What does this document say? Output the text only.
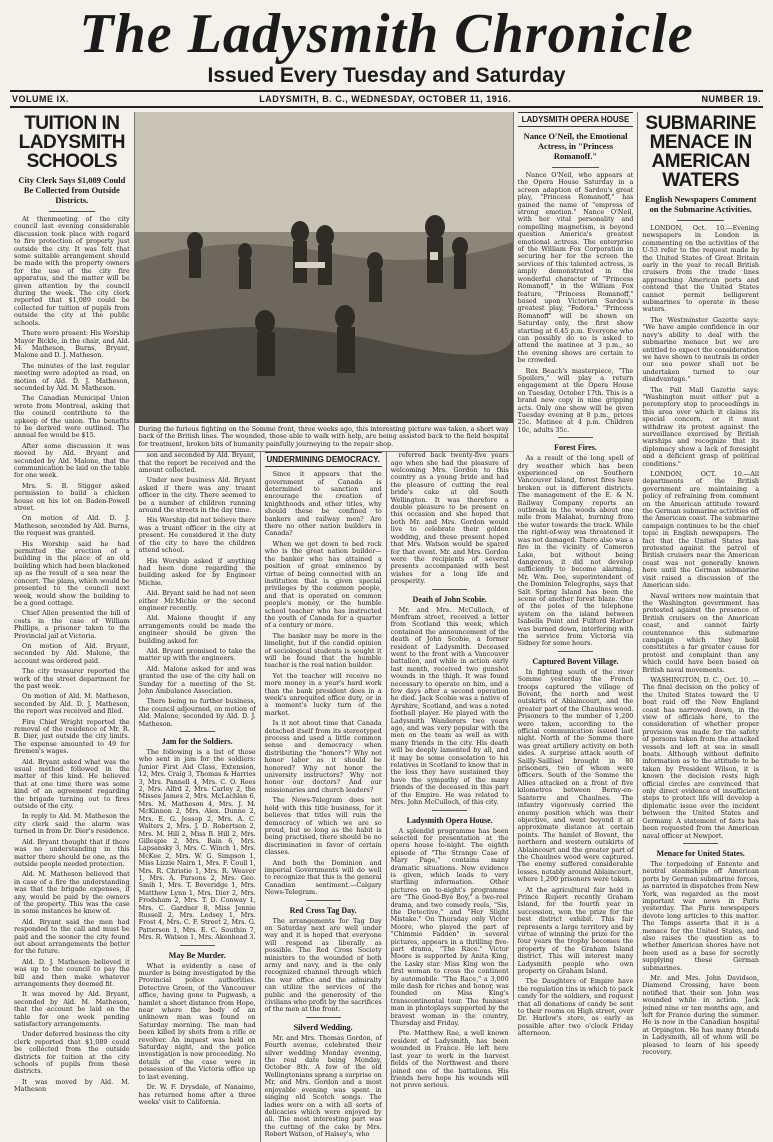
The Ladysmith Chronicle
Issued Every Tuesday and Saturday
VOLUME IX.	LADYSMITH, B. C., WEDNESDAY, OCTOBER 11, 1916.	NUMBER 19.
TUITION IN LADYSMITH SCHOOLS
City Clerk Says $1,089 Could Be Collected from Outside Districts.

At thenmeeting of the city council last evening considerable discussion took place with regard to fire protection of property just outside the city. It was felt that some suitable arrangement should be made with the property owners for the use of the city fire apparatus, and the matter will be given attention by the council during the week. The city clerk reported that $1,089 could be collected for tuition of pupils from outside the city at the public schools.

There were present: His Worship Mayor Bickle, in the chair, and Ald. M. Matheson, Burns, Bryant, Malone and D. J. Matheson.

The minutes of the last regular meeting were adopted as read, on motion of Ald. D. J. Matheson, seconded by Ald. M. Matheson.

The Canadian Municipal Union wrote from Montreal, asking that the council contribute to the upkeep of the union. The benefits to be derived were outlined. The annual fee would be $15.

After some discussion it was moved by Ald. Bryant and seconded by Ald. Malone, that the communication be laid on the table for one week.

Mrs. S. B. Stigger asked permission to build a chicken house on his lot on Baden-Powell street.

On motion of Ald. D. J. Matheson, seconded by Ald. Burns, the request was granted.

His Worship said he had permitted the erection of a building in the place of an old building which had been blackened up as the result of a sea near the concert. The plans, which would be presented to the council next week, would show the building to be a good cottage.

Chief Allen presented the bill of costs in the case of William Phillips, a prisoner taken to the Provincial jail at Victoria.

On motion of Ald. Bryant, seconded by Ald. Malone, the account was ordered paid.

The city treasurer reported the work of the street department for the past week.

On motion of Ald. M. Matheson, seconded by Ald. D. J. Matheson, the report was received and filed.

Fire Chief Wright reported the removal of the residence of Mr. R. B. Dier, just outside the city limits. The expense amounted to 49 for firemen's wages.

Ald. Bryant asked what was the usual method followed in the matter of this kind. He believed that at one time there was some kind of an agreement regarding the brigade turning out to fires outside of the city.

In reply to Ald. M. Matheson the city clerk said the alarm was turned in from Dr. Dier's residence.

Ald. Bryant thought that if there was no understanding in this matter there should be one, as the outside people needed protection.

Ald. M. Matheson believed that in case of a fire the understanding was that the brigade expenses, if any, would be paid by the owners of the property. This was the case in some instances he knew of.

Ald. Bryant said the men had responded to the call and must be paid and the sooner the city found out about arrangements the better for the future.

Ald. D. J. Matheson believed it was up to the council to pay the bill and then make whatever arrangements they deemed fit.

It was moved by Ald. Bryant, seconded by Ald. M. Matheson, that the account be laid on the table for one week pending satisfactory arrangements.

Under deferred business the city clerk reported that $1,089 could be collected from the outside districts for tuition at the city schools of pupils from these districts.

It was moved by Ald. M. Matheson

During the furious fighting on the Somme front, three weeks ago, this interesting picture was taken, a short way back of the British lines. The wounded, those able to walk with help, are being assisted back to the field hospital for treatment, broken bits of humanity painfully journeying to the repair shop.

son and seconded by Ald. Bryant, that the report be received and the amount collected.

Under new business Ald. Bryant asked if there was any truant officer in the city. There seemed to be a number of children running around the streets in the day time.

His Worship did not believe there was a truant officer in the city at present. He considered it the duty of the city to have the children attend school.

His Worship asked if anything had been done regarding the building asked for by Engineer Michie.

Ald. Bryant said he had not seen either Mr.Michie or the second engineer recently.

Ald. Malone thought if any arrangements could be made the engineer should be given the building asked for.

Ald. Bryant promised to take the matter up with the engineers.

Ald. Malone asked for and was granted the use of the city hall on Sunday for a meeting of the St. John Ambulance Association.

There being no further business, the council adjourned, on motion of Ald. Malone, seconded by Ald. D. J. Matheson.

Jam for the Soldiers.

The following is a list of those who sent in jam for the soldiers: Junior First Aid Class, Extension, 12, Mrs. Craig 3, Thomas & Harries 3, Mrs. Pannell 4, Mrs. C. O. Rees 2, Mrs. Alfrd 2, Mrs. Carley 2, the Misses James 2, Mrs. McLachlan 6, Mrs. M. Matheson 4, Mrs. J. M. McKinnon 2, Mrs. Alex. Dunne 2, Mrs. E. G. Jessop 2, Mrs. A. C. Walters 2, Mrs. J. D. Robertson 2, Mrs. M. Hill 2, Miss B. Hill 2, Mrs. Gillespie 2, Mrs. Bain 6, Mrs. Lapsansky 3, Mrs. C. Winch 1, Mrs. McKee 2, Mrs. W. G. Simpson 1, Miss Lizzie Nairn 1, Mrs. F. Coull 1, Mrs. R. Christie 1, Mrs. R. Weaver 1, Mrs. A. Parsons 2, Mrs. Geo. Smih 1, Mrs. T. Beveridge 1, Mrs. Matthew Lynn 1, Mrs. Dier 2, Mrs. Frodsham 2, Mrs. T. D. Conway 1, Mrs. C. Gardner 8, Miss Jennie Russell 2, Mrs. Ledsey 1, Mrs. Frost 4, Mrs. C. F. Street 2, Mrs. G. Patterson 1, Mrs. E. C. Southin 7, Mrs. R. Watson 1, Mrs. Akenhead 3.

May Be Murder.

What is evidently a case of murder is being investigated by the Provincial police authorities. Detective Green, of the Vancouver office, having gone to Pugwash, a hamlet a short distance from Hope, near where the body of an unknown man was found on Saturday morning. The man had been killed by shots from a rifle or revolver. An inquest was held on Saturday night, and the police investigation is now proceeding. No details of the case were in possession of the Victoria office up to last evening.

Dr. W. F. Drysdale, of Nanaimo, has returned home after a three weeks' visit to California.

UNDERMINING DEMOCRACY.

Since it appears that the government of Canada is determined to sanction and encourage the creation of knighthoods and other titles, why should these be confined to bankers and railway men? Are there no other nation builders in Canada?

When we get down to bed rock who is the great nation builder—the banker who has attained a position of great eminence by virtue of being connected with an institution that is given special privileges by the common people, and that is operated on common people's money, or the humble school teacher who has instructed the youth of Canada for a quarter of a century or more.

The banker may be more in the limelight, but if the candid opinion of sociological students is sought it will be found that the humble teacher is the real nation builder.

Yet the teacher will receive no more money in a year's hard work than the bank president does in a week's unrequited office duty, or in a moment's lucky turn of the market.

Is it not about time that Canada detached itself from its stereotyped process and used a little common sense and democracy when distributing the "honors"? Why not honor labor as it should be honored? Why not honor the university instructors? Why not honor our doctors? And our missionaries and church leaders?

The News-Telegram does not hold with this title business, for it believes that titles will ruin the democracy of which we are so proud, but so long as the habit is being practised, there should be no discrimination in favor of certain classes.

And both the Dominion and imperial Governments will do well to recognize that this is the general Canadian sentiment.—Calgary News-Telegram.

Red Cross Tag Day.

The arrangements for Tag Day on Saturday next are well under way and it is hoped that everyone will respond as liberally as possible. The Red Cross Society ministers to the wounded of both army and navy, and is the only recognized channel through which the war office and the admiralty can utilize the services of the public and the generosity of the civilians who profit by the sacrifices of the men at the front.

Silverd Wedding.

Mr. and Mrs. Thomas Gordon, of Fourth avenue, celebrated their silver wedding Monday evening, the real date being Monday, October 8th. A few of the old Wellingtonians sprang a surprise on Mr. and Mrs. Gordon and a most enjoyable evening was spent in singing old Scotch songs. The ladies were on a with all sorts of delicacies which were enjoyed by all. The most interesting part was the cutting of the cake by Mrs. Robert Watson, of Halsey's, who

referred back twenty-five years ago when she had the pleasure of welcoming Mrs. Gordon to this country as a young bride and had the pleasure of cutting the real bride's cake at old South Wellington. It was therefore a double pleasure to be present on this occasion and she hoped that both Mr. and Mrs. Gordon would live to celebrate their golden wedding, and these present hoped that Mrs. Watson would be spared for that event. Mr. and Mrs. Gordon were the recipients of several presents accompanied with best wishes for a long life and prosperity.

Death of John Scobie.

Mr. and Mrs. McCulloch, of Menfram street, received a letter from Scotland this week, which contained the announcement of the death of John Scobie, a former resident of Ladysmith. Deceased went to the front with a Vancouver battalion, and while in action early last month, received two gunshot wounds in the thigh. It was found necessary to operate on him, and a few days after a second operation he died. Jack Scobie was a native of Ayrshire, Scotland, and was a noted football player. He played with the Ladysmith Wanderers two years ago, and was very popular with the men on the team as well as with many friends in the city. His death will be deeply lamented by all, and it may be some consolation to his relatives in Scotland to know that in the loss they have sustained they have the sympathy of the many friends of the deceased in this part of the Empire. He was related to Mrs. John McCulloch, of this city.

Ladysmith Opera House.

A splendid programme has been selected for presentation at the opera house to-night. The eighth episode of "The Strange Case of Mary Page," contains many dramatic situations. New evidence is given, which leads to very startling information. Other pictures on to-night's programme are "The Good-Bye Boy," a two-reel drama, and two comedy reels, "Sis, the Detective," and "Her Slight Mistake." On Thursday only Victor Moore, who played the part of "Chimmie Fadden" in several pictures, appears in a thrilling five-part drama, "The Race." Victor Moore is supported by Anita King, the Lasky star. Miss King won the first woman to cross the continent by automobile. "The Race," a 3,000 mile dash for riches and honor, was founded on Miss King's transcontinental tour. The funniest man in photoplays supported by the bravest woman in the country, Thursday and Friday.

Pte. Matthew Rae, a well known resident of Ladysmith, has been wounded in France. He left here last year to work in the harvest fields of the Northwest and there joined one of the battalions. His friends here hope his wounds will not prove serious.

LADYSMITH OPERA HOUSE
Nance O'Neil, the Emotional Actress, in "Princess Romanoff."

Nance O'Neil, who appears at the Opera House Saturday in a screen adaption of Sardou's great play, "Princess Romanoff," has gained the name of "empress of strong emotion." Nance O'Neil, with her vital personality and compelling magnetism, is beyond question America's greatest emotional actress. The enterprise of the William Fox Corporation in securing her for the screen the services of this talented actress, is amply demonstrated in the wonderful character of "Princess Romanoff," in the William Fox feature, "Princess Romanoff," based upon Victorien Sardou's greatest play, "Fedora." "Princess Romanoff" will be shown on Saturday only, the first show starting at 6.45 p.m. Everyone who can possibly do so is asked to attend the matinee at 3 p.m., so the evening shows are certain to be crowded.

Rex Beach's masterpiece, "The Spoilers," will play a return engagement at the Opera House on Tuesday, October 17th. This is a brand new copy in nine gripping acts. Only one show will be given Tuesday evening at 8 p.m., prices 25c. Matinee at 4 p.m. Children 10c, adults 35c.

Forest Fires.

As a result of the long spell of dry weather which has been experienced on Southern Vancouver Island, forest fires have broken out in different districts. The management of the E. & N. Railway Company reports an outbreak in the woods about one mile from Malahat, burning from the water towards the track. While the right-of-way was threatened it was not damaged. There also was a fire in the vicinity of Cameron Lake, but without being dangerous, it did not develop sufficiently to become alarming. Mr. Wm. Dee, superintendent of the Dominion Telegraphs, says that Salt Spring Island has been the scene of another forest blaze. One of the poles of the telephone system on the island between Isabella Point and Fulford Harbor was burned down, interfering with the service from Victoria via Sidney for some hours.

Captured Bovent Village.

In fighting south of the river Somme yesterday the French troops captured the village of Bovent, the north and west outskirts of Ablaincourt, and the greater part of the Chaulnes wood. Prisoners to the number of 1,200 were taken, according to the official communication issued last night. North of the Somme there was great artillery activity on both sides. A surprise attack south of Sailly-Saillisel brought in 80 prisoners, two of whom were officers. South of the Somme the Allies attacked on a front of five kilometres between Berny-en-Santerre and Chaulnes. The infantry vigorously carried the enemy position which was their objective, and went beyond it at approximate distance at certain points. The hamlet of Bovent, the northern and western outskirts of Ablaincourt and the greater part of the Chaulnes wood were captured. The enemy suffered considerable losses, notably around Ablaincourt, where 1,200 prisoners were taken.

At the agricultural fair held in Prince Rupert recently Graham Island, for the fourth year in succession, won the prize for the best district exhibit. This fair represents a large territory and by virtue of winning the prize for the four years the trophy becomes the property of the Graham Island district. This will interest many Ladysmith people who own property on Graham Island.

The Daughters of Empire have the regulation tins in which to pack candy for the soldiers, and request that all donations of candy be sent to their rooms on High street, over Dr. Harlow's store, as early as possible after two o'clock Friday afternoon.

SUBMARINE MENACE IN AMERICAN WATERS
English Newspapers Comment on the Submarine Activities.

LONDON, Oct. 10.—Evening newspapers in London in commenting on the activities of the U-53 refer to the request made by the United States of Great Britain early in the year to recall British cruisers from the trade lines approaching American ports and contend that the United States cannot permit belligerent submarines to operate in these waters.

The Westminster Gazette says: "We have ample confidence in our navy's ability to deal with the submarine menace but we are entitled to expect the consideration we have shown to neutrals in order our sea power shall not be undertaken turned to our disadvantage."

The Pall Mall Gazette says: "Washington must either put a peremptory stop to proceedings in this area over which it claims its special concern, or it must withdraw its protest against the surveillance exercised by British warships and recognize that its diplomacy show a lack of foresight and a deficient grasp of political conditions."

LONDON, OCT. 10.—All departments of the British government are maintaining a policy of refraining from comment on the American attitude toward the German submarine activities off the American coast. The submarine campaign continues to be the chief topic in English newspapers. The fact that the United States has protested against the patrol of British cruisers near the American coast was not generally known here until the German submarine visit raised a discussion of the American side.

Naval writers now maintain that the Washington government has protested against the presence of British cruisers on the American coast, and cannot fairly countenance this submarine campaign which they hold constitutes a far greater cause for protest and complaint than any which could have been based on British naval movements.

WASHINGTON, D. C., Oct. 10. —The final decision on the policy of the United States toward the U boat raid off the New England coast has narrowed down, in the view of officials here, to the consideration of whether proper provision was made for the safety of persons taken from the attacked vessels and left at sea in small boats. Although without definite information as to the attitude to be taken by President Wilson, it is known the decision rests high official circles are convinced that only direct evidence of insufficient steps to protect life will develop a diplomatic issue over the incident between the United States and Germany. A statement of facts has been requested from the American naval officer at Newport.

Menace for United States.

The torpedoing of Entente and neutral steamships off American ports by German submarine forces, as narrated in dispatches from New York, was regarded as the most important war news in Paris yesterday. The Paris newspapers devote long articles to this matter. The Temps asserts that it is a menace for the United States, and also raises the question as to whether American shores have not been used as a base for secretly supplying these German submarines.

Mr. and Mrs. John Davidson, Diamond Crossing, have been notified that their son John was wounded while in action. Jack joined nine or ten months ago, and left for France during the summer. He is now in the Canadian hospital at Orpington. He has many friends in Ladysmith, all of whom will be pleased to learn of his speedy recovery.
